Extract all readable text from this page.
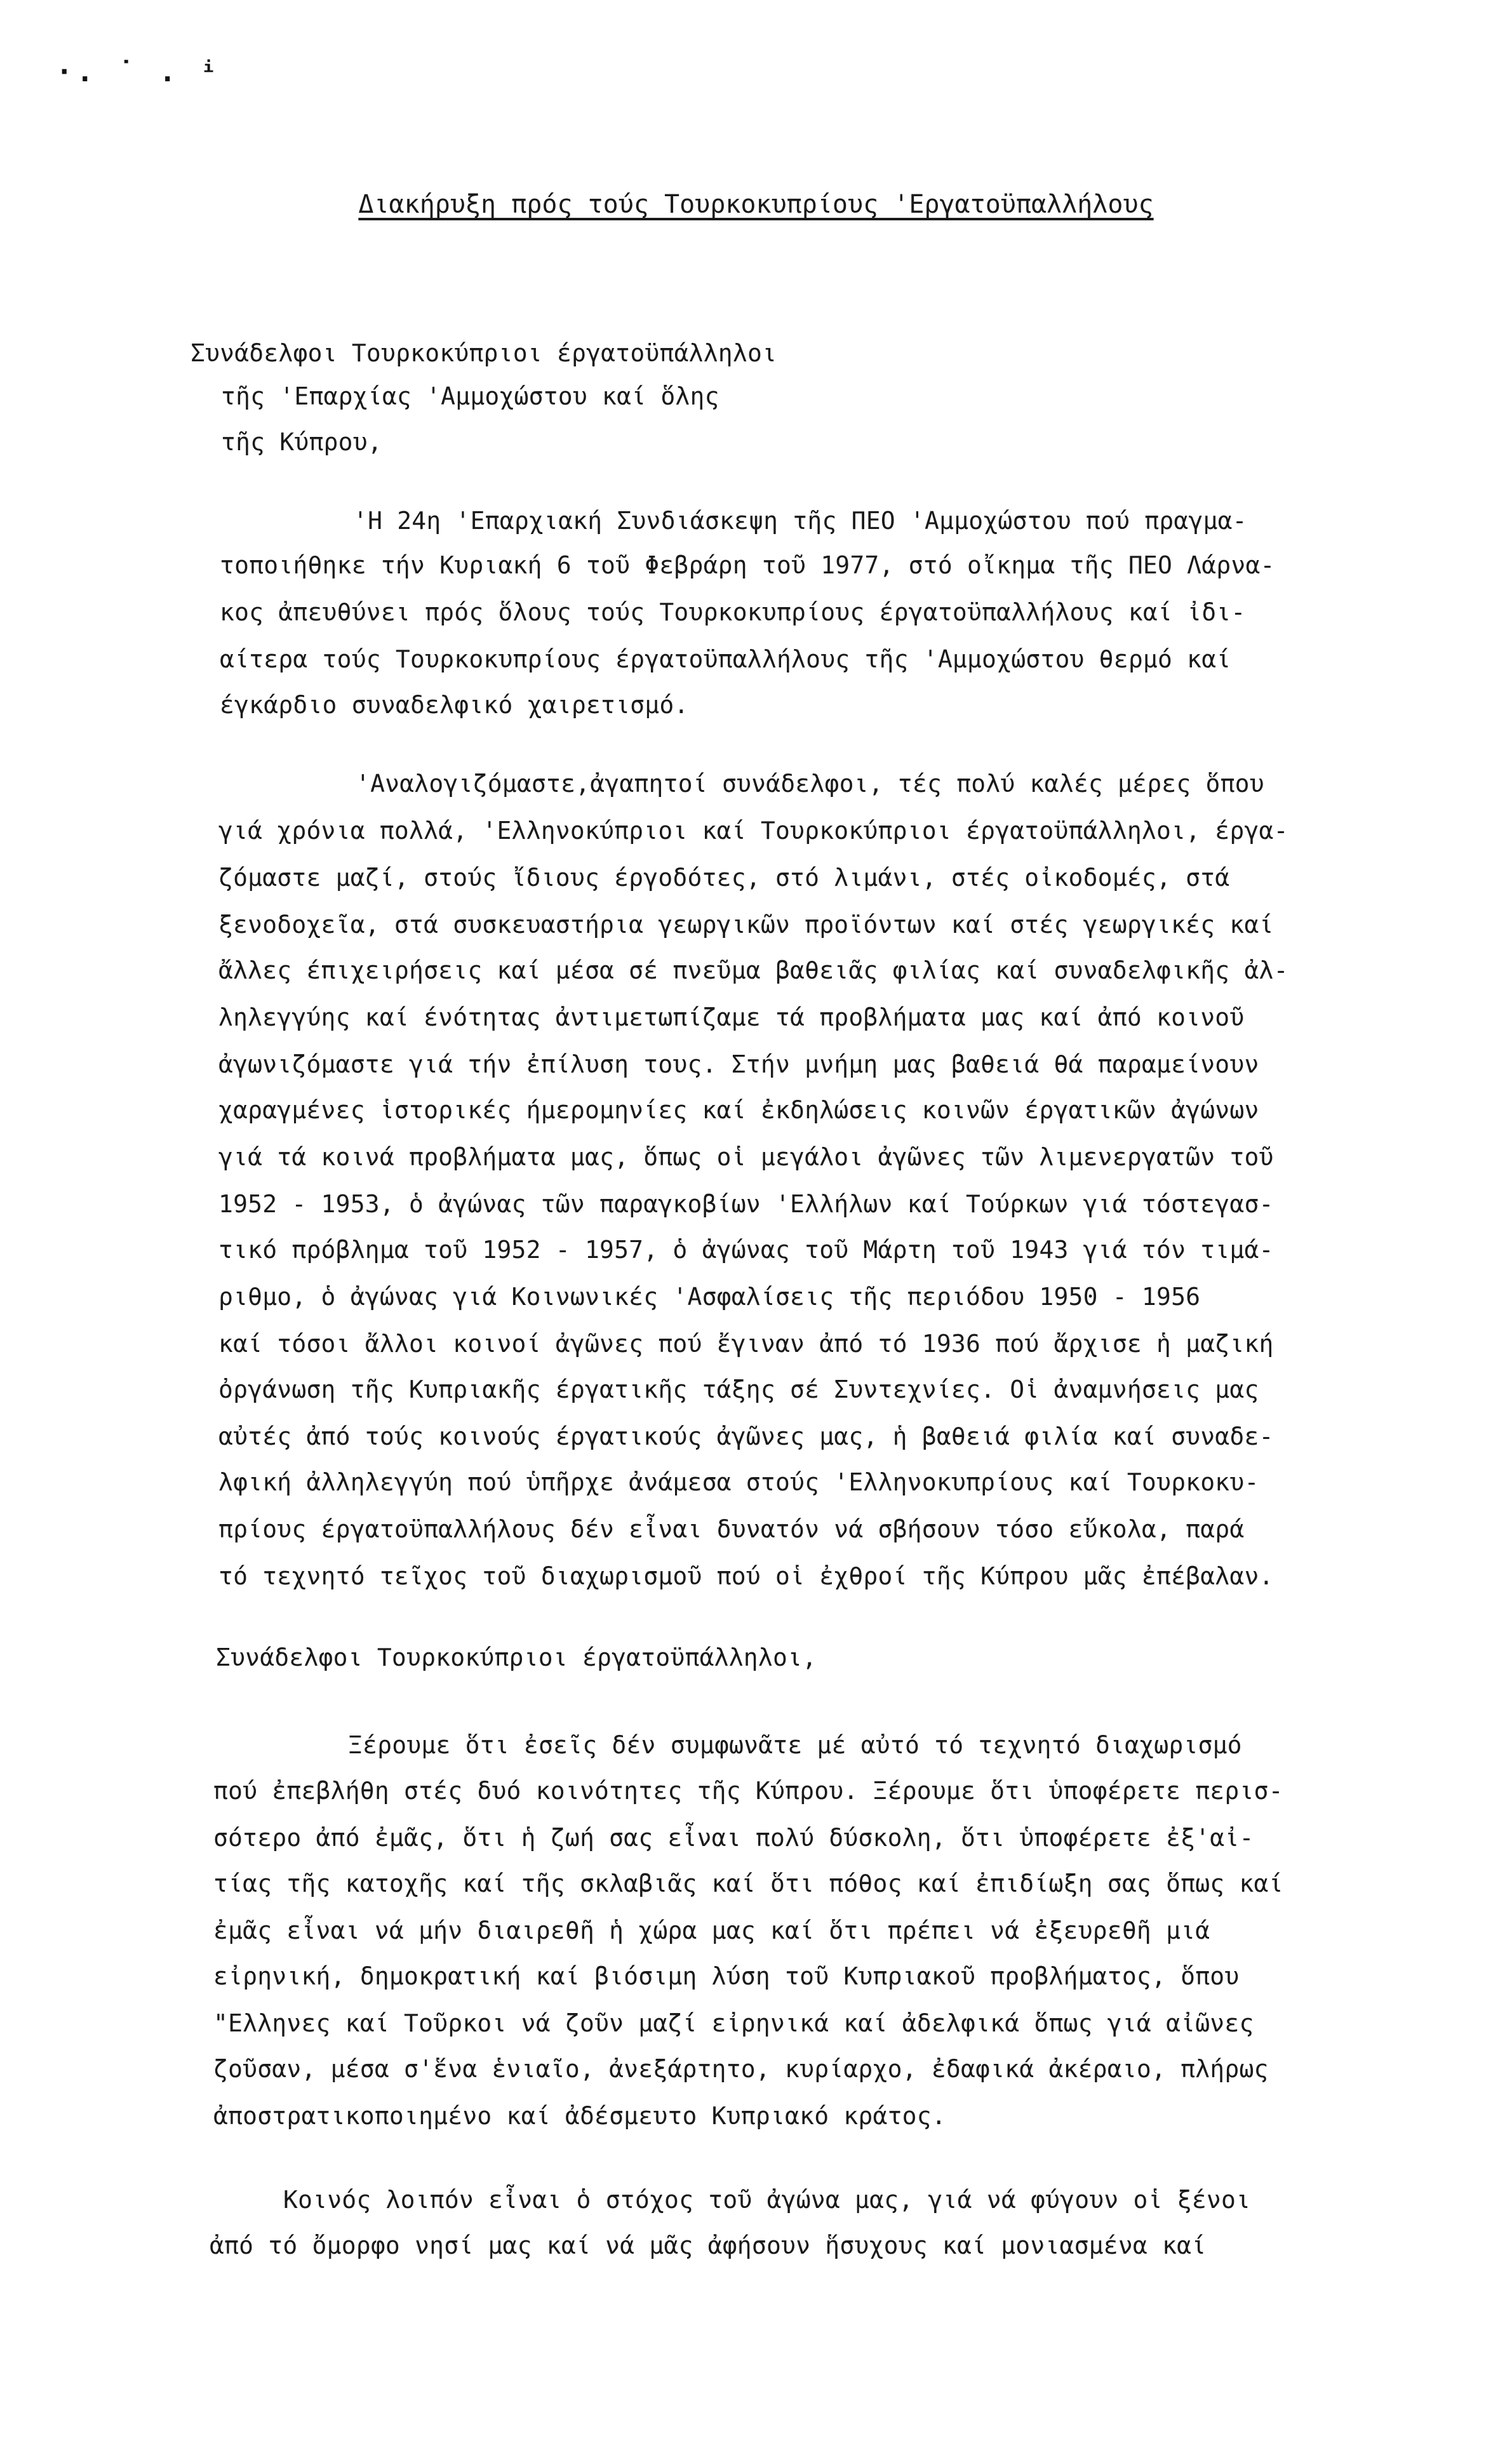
·. ˙ . ⁱ
Διακήρυξη πρός τούς Τουρκοκυπρίους 'Εργατοϋπαλλήλους
Συνάδελφοι Τουρκοκύπριοι έργατοϋπάλληλοι
τῆς 'Επαρχίας 'Αμμοχώστου καί ὅλης
τῆς Κύπρου,
'Η 24η 'Επαρχιακή Συνδιάσκεψη τῆς ΠΕΟ 'Αμμοχώστου πού πραγμα-
τοποιήθηκε τήν Κυριακή 6 τοῦ Φεβράρη τοῦ 1977, στό οἴκημα τῆς ΠΕΟ Λάρνα-
κος ἀπευθύνει πρός ὅλους τούς Τουρκοκυπρίους έργατοϋπαλλήλους καί ἰδι-
αίτερα τούς Τουρκοκυπρίους έργατοϋπαλλήλους τῆς 'Αμμοχώστου θερμό καί
έγκάρδιο συναδελφικό χαιρετισμό.
'Αναλογιζόμαστε,ἀγαπητοί συνάδελφοι, τές πολύ καλές μέρες ὅπου
γιά χρόνια πολλά, 'Ελληνοκύπριοι καί Τουρκοκύπριοι έργατοϋπάλληλοι, έργα-
ζόμαστε μαζί, στούς ἴδιους έργοδότες, στό λιμάνι, στές οἰκοδομές, στά
ξενοδοχεῖα, στά συσκευαστήρια γεωργικῶν προϊόντων καί στές γεωργικές καί
ἄλλες έπιχειρήσεις καί μέσα σέ πνεῦμα βαθειᾶς φιλίας καί συναδελφικῆς ἀλ-
ληλεγγύης καί ένότητας ἀντιμετωπίζαμε τά προβλήματα μας καί ἀπό κοινοῦ
ἀγωνιζόμαστε γιά τήν ἐπίλυση τους. Στήν μνήμη μας βαθειά θά παραμείνουν
χαραγμένες ἱστορικές ήμερομηνίες καί ἐκδηλώσεις κοινῶν έργατικῶν ἀγώνων
γιά τά κοινά προβλήματα μας, ὅπως οἱ μεγάλοι ἀγῶνες τῶν λιμενεργατῶν τοῦ
1952 - 1953, ὁ ἀγώνας τῶν παραγκοβίων 'Ελλήλων καί Τούρκων γιά τόστεγασ-
τικό πρόβλημα τοῦ 1952 - 1957, ὁ ἀγώνας τοῦ Μάρτη τοῦ 1943 γιά τόν τιμά-
ριθμο, ὁ ἀγώνας γιά Κοινωνικές 'Ασφαλίσεις τῆς περιόδου 1950 - 1956
καί τόσοι ἄλλοι κοινοί ἀγῶνες πού ἔγιναν ἀπό τό 1936 πού ἄρχισε ἡ μαζική
ὀργάνωση τῆς Κυπριακῆς έργατικῆς τάξης σέ Συντεχνίες. Οἱ ἀναμνήσεις μας
αὐτές ἀπό τούς κοινούς έργατικούς ἀγῶνες μας, ἡ βαθειά φιλία καί συναδε-
λφική ἀλληλεγγύη πού ὑπῆρχε ἀνάμεσα στούς 'Ελληνοκυπρίους καί Τουρκοκυ-
πρίους έργατοϋπαλλήλους δέν εἶναι δυνατόν νά σβήσουν τόσο εὔκολα, παρά
τό τεχνητό τεῖχος τοῦ διαχωρισμοῦ πού οἱ ἐχθροί τῆς Κύπρου μᾶς ἐπέβαλαν.
Συνάδελφοι Τουρκοκύπριοι έργατοϋπάλληλοι,
Ξέρουμε ὅτι ἐσεῖς δέν συμφωνᾶτε μέ αὐτό τό τεχνητό διαχωρισμό
πού ἐπεβλήθη στές δυό κοινότητες τῆς Κύπρου. Ξέρουμε ὅτι ὑποφέρετε περισ-
σότερο ἀπό ἐμᾶς, ὅτι ἡ ζωή σας εἶναι πολύ δύσκολη, ὅτι ὑποφέρετε ἐξ'αἰ-
τίας τῆς κατοχῆς καί τῆς σκλαβιᾶς καί ὅτι πόθος καί ἐπιδίωξη σας ὅπως καί
ἐμᾶς εἶναι νά μήν διαιρεθῆ ἡ χώρα μας καί ὅτι πρέπει νά ἐξευρεθῆ μιά
εἰρηνική, δημοκρατική καί βιόσιμη λύση τοῦ Κυπριακοῦ προβλήματος, ὅπου
"Ελληνες καί Τοῦρκοι νά ζοῦν μαζί εἰρηνικά καί ἀδελφικά ὅπως γιά αἰῶνες
ζοῦσαν, μέσα σ'ἕνα ἑνιαῖο, ἀνεξάρτητο, κυρίαρχο, ἐδαφικά ἀκέραιο, πλήρως
ἀποστρατικοποιημένο καί ἀδέσμευτο Κυπριακό κράτος.
Κοινός λοιπόν εἶναι ὁ στόχος τοῦ ἀγώνα μας, γιά νά φύγουν οἱ ξένοι
ἀπό τό ὄμορφο νησί μας καί νά μᾶς ἀφήσουν ἥσυχους καί μονιασμένα καί
